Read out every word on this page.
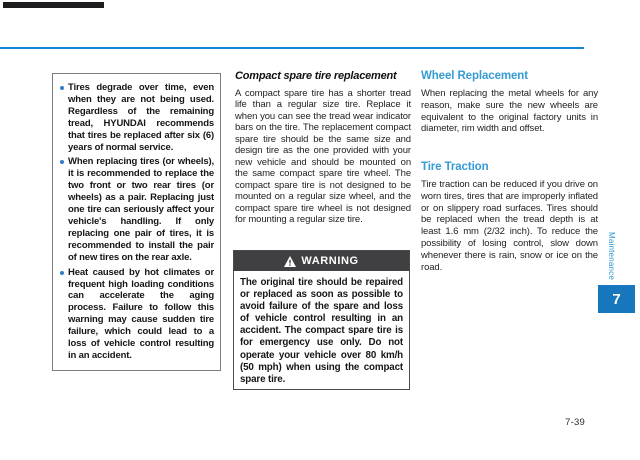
Tires degrade over time, even when they are not being used. Regardless of the remaining tread, HYUNDAI recommends that tires be replaced after six (6) years of normal service.
When replacing tires (or wheels), it is recommended to replace the two front or two rear tires (or wheels) as a pair. Replacing just one tire can seriously affect your vehicle's handling. If only replacing one pair of tires, it is recommended to install the pair of new tires on the rear axle.
Heat caused by hot climates or frequent high loading conditions can accelerate the aging process. Failure to follow this warning may cause sudden tire failure, which could lead to a loss of vehicle control resulting in an accident.
Compact spare tire replacement
A compact spare tire has a shorter tread life than a regular size tire. Replace it when you can see the tread wear indicator bars on the tire. The replacement compact spare tire should be the same size and design tire as the one provided with your new vehicle and should be mounted on the same compact spare tire wheel. The compact spare tire is not designed to be mounted on a regular size wheel, and the compact spare tire wheel is not designed for mounting a regular size tire.
WARNING
The original tire should be repaired or replaced as soon as possible to avoid failure of the spare and loss of vehicle control resulting in an accident. The compact spare tire is for emergency use only. Do not operate your vehicle over 80 km/h (50 mph) when using the compact spare tire.
Wheel Replacement
When replacing the metal wheels for any reason, make sure the new wheels are equivalent to the original factory units in diameter, rim width and offset.
Tire Traction
Tire traction can be reduced if you drive on worn tires, tires that are improperly inflated or on slippery road surfaces. Tires should be replaced when the tread depth is at least 1.6 mm (2/32 inch). To reduce the possibility of losing control, slow down whenever there is rain, snow or ice on the road.	Maintenance
7
7-39
